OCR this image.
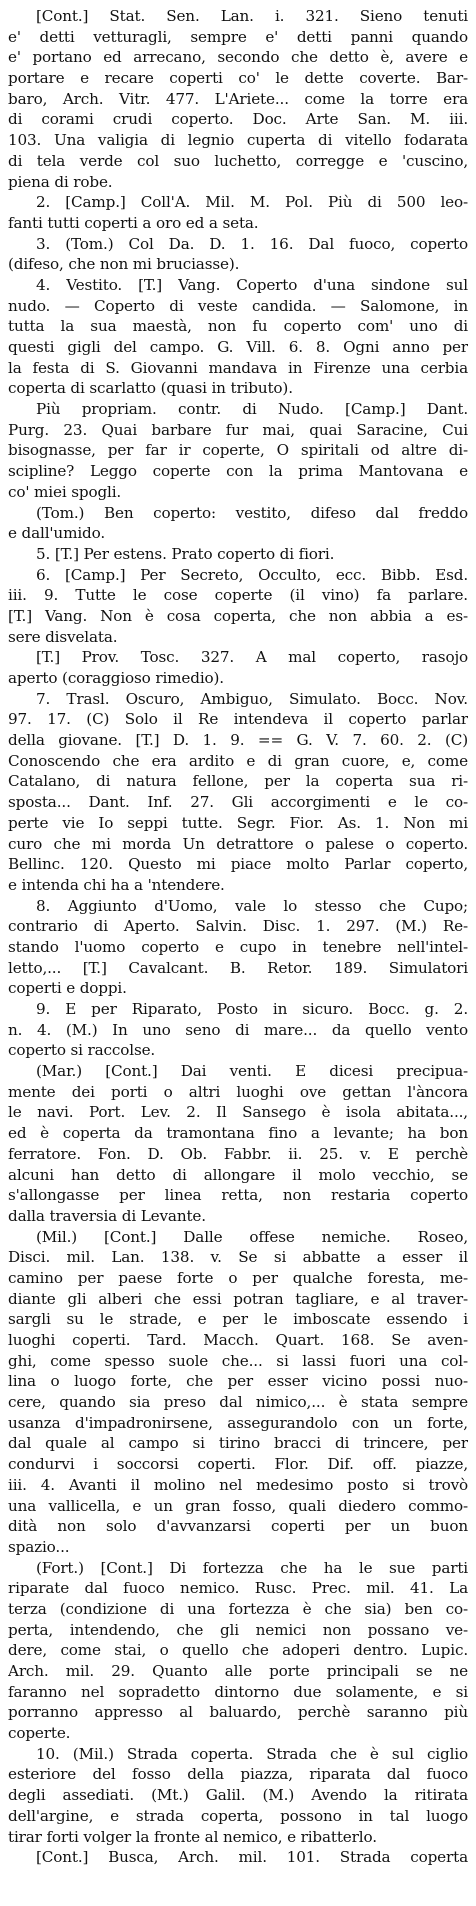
[Cont.] Stat. Sen. Lan. i. 321. Sieno tenuti
e' detti vetturagli, sempre e' detti panni quando
e' portano ed arrecano, secondo che detto è, avere e
portare e recare coperti co' le dette coverte. Bar-
baro, Arch. Vitr. 477. L'Ariete... come la torre era
di corami crudi coperto. Doc. Arte San. M. iii.
103. Una valigia di legnio cuperta di vitello fodarata
di tela verde col suo luchetto, corregge e 'cuscino,
piena di robe.
2. [Camp.] Coll'A. Mil. M. Pol. Più di 500 leo-
fanti tutti coperti a oro ed a seta.
3. (Tom.) Col Da. D. 1. 16. Dal fuoco, coperto
(difeso, che non mi bruciasse).
4. Vestito. [T.] Vang. Coperto d'una sindone sul
nudo. — Coperto di veste candida. — Salomone, in
tutta la sua maestà, non fu coperto com' uno di
questi gigli del campo. G. Vill. 6. 8. Ogni anno per
la festa di S. Giovanni mandava in Firenze una cerbia
coperta di scarlatto (quasi in tributo).
Più propriam. contr. di Nudo. [Camp.] Dant.
Purg. 23. Quai barbare fur mai, quai Saracine, Cui
bisognasse, per far ir coperte, O spiritali od altre di-
scipline? Leggo coperte con la prima Mantovana e
co' miei spogli.
(Tom.) Ben coperto: vestito, difeso dal freddo
e dall'umido.
5. [T.] Per estens. Prato coperto di fiori.
6. [Camp.] Per Secreto, Occulto, ecc. Bibb. Esd.
iii. 9. Tutte le cose coperte (il vino) fa parlare.
[T.] Vang. Non è cosa coperta, che non abbia a es-
sere disvelata.
[T.] Prov. Tosc. 327. A mal coperto, rasojo
aperto (coraggioso rimedio).
7. Trasl. Oscuro, Ambiguo, Simulato. Bocc. Nov.
97. 17. (C) Solo il Re intendeva il coperto parlar
della giovane. [T.] D. 1. 9. == G. V. 7. 60. 2. (C)
Conoscendo che era ardito e di gran cuore, e, come
Catalano, di natura fellone, per la coperta sua ri-
sposta... Dant. Inf. 27. Gli accorgimenti e le co-
perte vie Io seppi tutte. Segr. Fior. As. 1. Non mi
curo che mi morda Un detrattore o palese o coperto.
Bellinc. 120. Questo mi piace molto Parlar coperto,
e intenda chi ha a 'ntendere.
8. Aggiunto d'Uomo, vale lo stesso che Cupo;
contrario di Aperto. Salvin. Disc. 1. 297. (M.) Re-
stando l'uomo coperto e cupo in tenebre nell'intel-
letto,... [T.] Cavalcant. B. Retor. 189. Simulatori
coperti e doppi.
9. E per Riparato, Posto in sicuro. Bocc. g. 2.
n. 4. (M.) In uno seno di mare... da quello vento
coperto si raccolse.
(Mar.) [Cont.] Dai venti. E dicesi precipua-
mente dei porti o altri luoghi ove gettan l'àncora
le navi. Port. Lev. 2. Il Sansego è isola abitata...,
ed è coperta da tramontana fino a levante; ha bon
ferratore. Fon. D. Ob. Fabbr. ii. 25. v. E perchè
alcuni han detto di allongare il molo vecchio, se
s'allongasse per linea retta, non restaria coperto
dalla traversia di Levante.
(Mil.) [Cont.] Dalle offese nemiche. Roseo,
Disci. mil. Lan. 138. v. Se si abbatte a esser il
camino per paese forte o per qualche foresta, me-
diante gli alberi che essi potran tagliare, e al traver-
sargli su le strade, e per le imboscate essendo i
luoghi coperti. Tard. Macch. Quart. 168. Se aven-
ghi, come spesso suole che... si lassi fuori una col-
lina o luogo forte, che per esser vicino possi nuo-
cere, quando sia preso dal nimico,... è stata sempre
usanza d'impadronirsene, assegurandolo con un forte,
dal quale al campo si tirino bracci di trincere, per
condurvi i soccorsi coperti. Flor. Dif. off. piazze,
iii. 4. Avanti il molino nel medesimo posto si trovò
una vallicella, e un gran fosso, quali diedero commo-
dità non solo d'avvanzarsi coperti per un buon
spazio...
(Fort.) [Cont.] Di fortezza che ha le sue parti
riparate dal fuoco nemico. Rusc. Prec. mil. 41. La
terza (condizione di una fortezza è che sia) ben co-
perta, intendendo, che gli nemici non possano ve-
dere, come stai, o quello che adoperi dentro. Lupic.
Arch. mil. 29. Quanto alle porte principali se ne
faranno nel sopradetto dintorno due solamente, e si
porranno appresso al baluardo, perchè saranno più
coperte.
10. (Mil.) Strada coperta. Strada che è sul ciglio
esteriore del fosso della piazza, riparata dal fuoco
degli assediati. (Mt.) Galil. (M.) Avendo la ritirata
dell'argine, e strada coperta, possono in tal luogo
tirar forti volger la fronte al nemico, e ribatterlo.
[Cont.] Busca, Arch. mil. 101. Strada coperta
